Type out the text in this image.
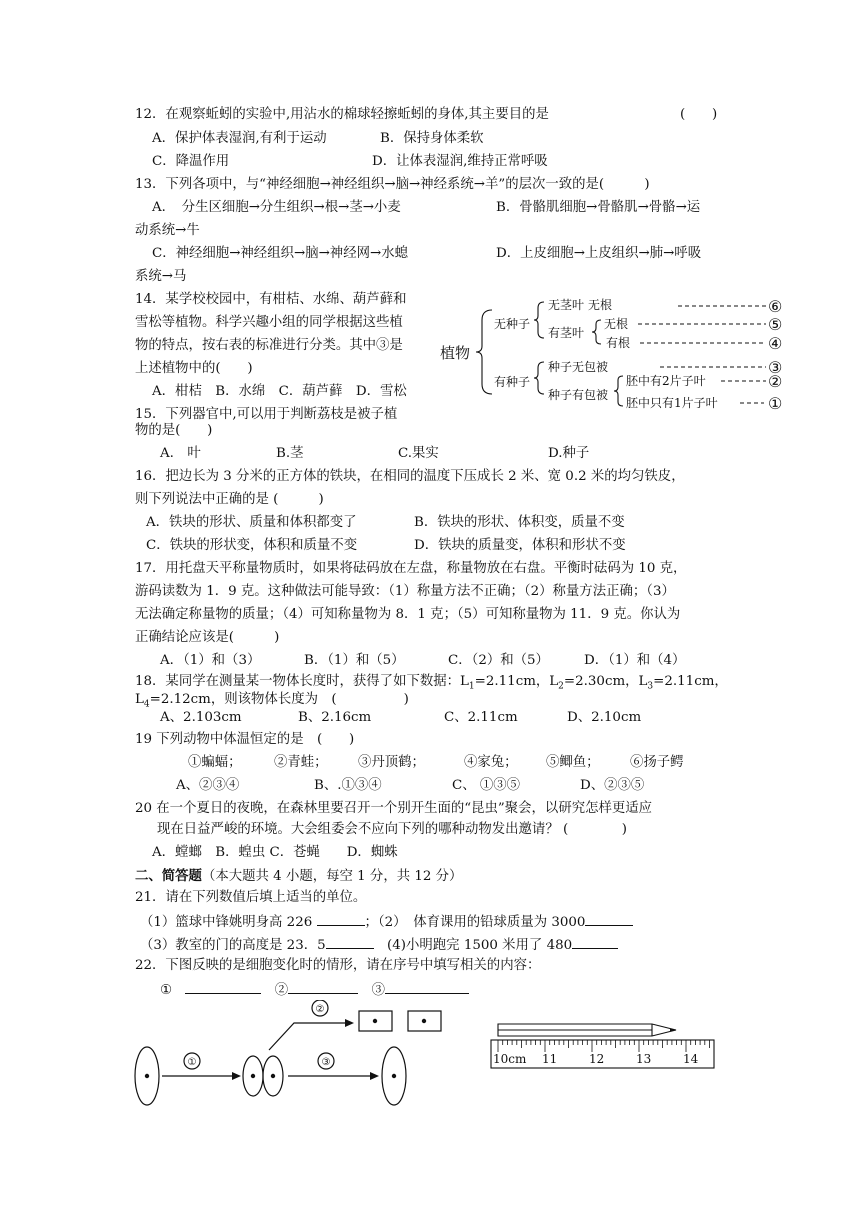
12．在观察蚯蚓的实验中,用沾水的棉球轻擦蚯蚓的身体,其主要目的是	(　　)
A．保护体表湿润,有利于运动	B．保持身体柔软
C．降温作用	D．让体表湿润,维持正常呼吸
13．下列各项中，与“神经细胞→神经组织→脑→神经系统→羊”的层次一致的是(　　　)
A．　分生区细胞→分生组织→根→茎→小麦	B．骨骼肌细胞→骨骼肌→骨骼→运
动系统→牛
C．神经细胞→神经组织→脑→神经网→水螅	D．上皮细胞→上皮组织→肺→呼吸
系统→马
14．某学校校园中，有柑桔、水绵、葫芦藓和
雪松等植物。科学兴趣小组的同学根据这些植
物的特点，按右表的标准进行分类。其中③是
上述植物中的(　　)
A．柑桔　B．水绵　C．葫芦藓　D．雪松
植物
无种子
有种子
无茎叶
有茎叶
无根
无根
有根
种子无包被
种子有包被
胚中有2片子叶
胚中只有1片子叶
⑥
⑤
④
③
②
①
15．下列器官中,可以用于判断荔枝是被子植
物的是(　　)
A.　叶	B.茎	C.果实	D.种子
16．把边长为 3 分米的正方体的铁块，在相同的温度下压成长 2 米、宽 0.2 米的均匀铁皮，
则下列说法中正确的是 (　　　)
A．铁块的形状、质量和体积都变了	B．铁块的形状、体积变，质量不变
C．铁块的形状变，体积和质量不变	D．铁块的质量变，体积和形状不变
17．用托盘天平称量物质时，如果将砝码放在左盘，称量物放在右盘。平衡时砝码为 10 克，
游码读数为 1．9 克。这种做法可能导致：（1）称量方法不正确；（2）称量方法正确；（3）
无法确定称量物的质量；（4）可知称量物为 8．1 克；（5）可知称量物为 11．9 克。你认为
正确结论应该是(　　　)
A．（1）和（3）	B．（1）和（5）	C．（2）和（5）	D．（1）和（4）
18．某同学在测量某一物体长度时，获得了如下数据：$L_1=2.11cm$，$L_2=2.30cm$，$L_3=2.11cm$，
$L_4=2.12cm$，则该物体长度为　(　　　　　)
A、2.103cm	B、2.16cm	C、2.11cm	D、2.10cm
19 下列动物中体温恒定的是　(　　)
①蝙蝠； ②青蛙； ③丹顶鹤；	④家兔； ⑤鲫鱼； ⑥扬子鳄
A、②③④	B、.①③④	C、 ①③⑤	D、②③⑤
20 在一个夏日的夜晚，在森林里要召开一个别开生面的“昆虫”聚会，以研究怎样更适应
现在日益严峻的环境。大会组委会不应向下列的哪种动物发出邀请？ (　　　　)
A．螳螂　B．蝗虫 C．苍蝇　　D．蜘蛛
二、简答题（本大题共 4 小题，每空 1 分，共 12 分）
21．请在下列数值后填上适当的单位。
（1）篮球中锋姚明身高 226	；（2）　体育课用的铅球质量为 3000
（3）教室的门的高度是 23．5　	(4)小明跑完 1500 米用了 480
22．下图反映的是细胞变化时的情形，请在序号中填写相关的内容：
①　　	②　	③
①
②
③	10cm 11	12	13	14
